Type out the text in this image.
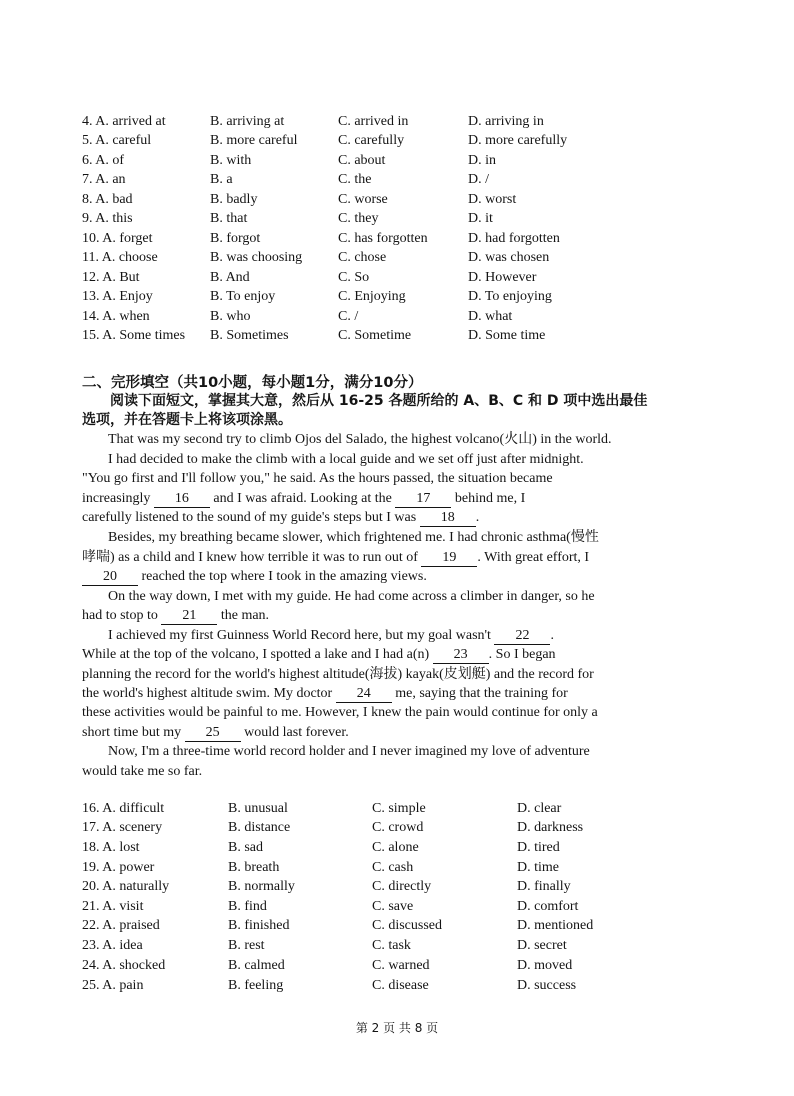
4. A. arrived at	B. arriving at	C. arrived in	D. arriving in
5. A. careful	B. more careful	C. carefully	D. more carefully
6. A. of	B. with	C. about	D. in
7. A. an	B. a	C. the	D. /
8. A. bad	B. badly	C. worse	D. worst
9. A. this	B. that	C. they	D. it
10. A. forget	B. forgot	C. has forgotten	D. had forgotten
11. A. choose	B. was choosing	C. chose	D. was chosen
12. A. But	B. And	C. So	D. However
13. A. Enjoy	B. To enjoy	C. Enjoying	D. To enjoying
14. A. when	B. who	C. /	D. what
15. A. Some times B. Sometimes	C. Sometime	D. Some time
二、完形填空（共10小题，每小题1分，满分10分）
阅读下面短文，掌握其大意，然后从 16-25 各题所给的 A、B、C 和 D 项中选出最佳
选项，并在答题卡上将该项涂黑。
That was my second try to climb Ojos del Salado, the highest volcano(火山) in the world.
I had decided to make the climb with a local guide and we set off just after midnight.
"You go first and I'll follow you," he said. As the hours passed, the situation became
increasingly 16 and I was afraid. Looking at the 17 behind me, I
carefully listened to the sound of my guide's steps but I was 18 .
Besides, my breathing became slower, which frightened me. I had chronic asthma(慢性
哮喘) as a child and I knew how terrible it was to run out of 19 . With great effort, I
20 reached the top where I took in the amazing views.
On the way down, I met with my guide. He had come across a climber in danger, so he
had to stop to 21 the man.
I achieved my first Guinness World Record here, but my goal wasn't 22 .
While at the top of the volcano, I spotted a lake and I had a(n) 23 . So I began
planning the record for the world's highest altitude(海拔) kayak(皮划艇) and the record for
the world's highest altitude swim. My doctor 24 me, saying that the training for
these activities would be painful to me. However, I knew the pain would continue for only a
short time but my 25 would last forever.
Now, I'm a three-time world record holder and I never imagined my love of adventure
would take me so far.
16. A. difficult	B. unusual	C. simple	D. clear
17. A. scenery	B. distance	C. crowd	D. darkness
18. A. lost	B. sad	C. alone	D. tired
19. A. power	B. breath	C. cash	D. time
20. A. naturally	B. normally	C. directly	D. finally
21. A. visit	B. find	C. save	D. comfort
22. A. praised	B. finished	C. discussed	D. mentioned
23. A. idea	B. rest	C. task	D. secret
24. A. shocked	B. calmed	C. warned	D. moved
25. A. pain	B. feeling	C. disease	D. success
第 2 页 共 8 页
